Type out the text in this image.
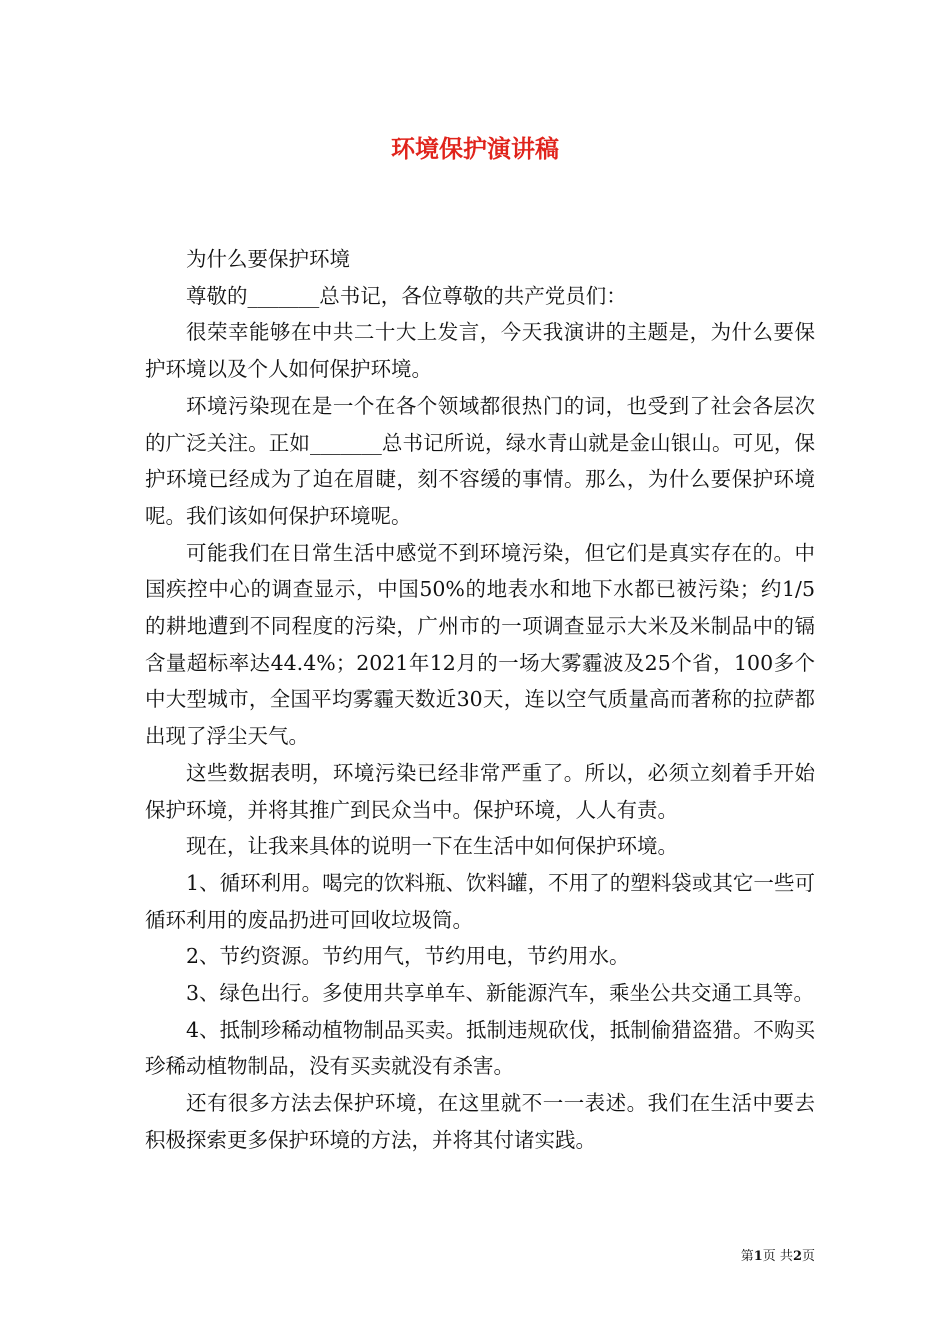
环境保护演讲稿

为什么要保护环境

尊敬的_______总书记，各位尊敬的共产党员们：

很荣幸能够在中共二十大上发言，今天我演讲的主题是，为什么要保护环境以及个人如何保护环境。

环境污染现在是一个在各个领域都很热门的词，也受到了社会各层次的广泛关注。正如_______总书记所说，绿水青山就是金山银山。可见，保护环境已经成为了迫在眉睫，刻不容缓的事情。那么，为什么要保护环境呢。我们该如何保护环境呢。

可能我们在日常生活中感觉不到环境污染，但它们是真实存在的。中国疾控中心的调查显示，中国50%的地表水和地下水都已被污染；约1/5的耕地遭到不同程度的污染，广州市的一项调查显示大米及米制品中的镉含量超标率达44.4%；2021年12月的一场大雾霾波及25个省，100多个中大型城市，全国平均雾霾天数近30天，连以空气质量高而著称的拉萨都出现了浮尘天气。

这些数据表明，环境污染已经非常严重了。所以，必须立刻着手开始保护环境，并将其推广到民众当中。保护环境，人人有责。

现在，让我来具体的说明一下在生活中如何保护环境。

1、循环利用。喝完的饮料瓶、饮料罐，不用了的塑料袋或其它一些可循环利用的废品扔进可回收垃圾筒。

2、节约资源。节约用气，节约用电，节约用水。

3、绿色出行。多使用共享单车、新能源汽车，乘坐公共交通工具等。

4、抵制珍稀动植物制品买卖。抵制违规砍伐，抵制偷猎盗猎。不购买珍稀动植物制品，没有买卖就没有杀害。

还有很多方法去保护环境，在这里就不一一表述。我们在生活中要去积极探索更多保护环境的方法，并将其付诸实践。

第1页 共2页
